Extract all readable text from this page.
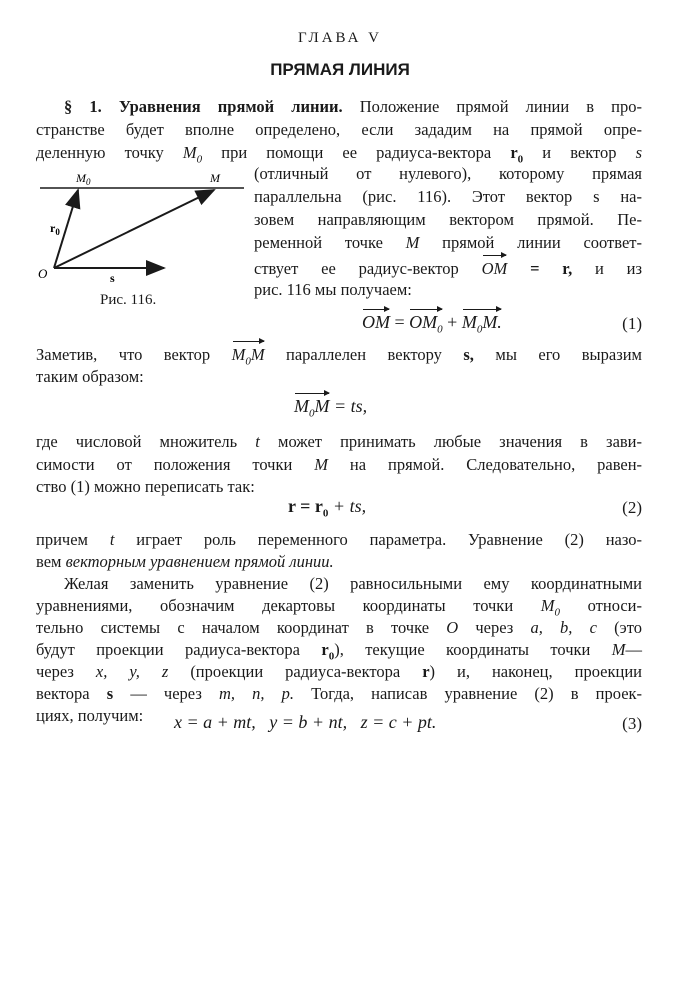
ГЛАВА V
ПРЯМАЯ ЛИНИЯ
§ 1. Уравнения прямой линии. Положение прямой линии в про-
странстве будет вполне определено, если зададим на прямой опре-
деленную точку $M_0$ при помощи ее радиуса-вектора $r_0$ и вектор s
$M_0$	M
$r_0$
O	s
Рис. 116.
(отличный от нулевого), которому прямая
параллельна (рис. 116). Этот вектор s на-
зовем направляющим вектором прямой. Пе-
ременной точке M прямой линии соответ-
ствует ее радиус-вектор OM = r, и из
рис. 116 мы получаем:
OM = $OM_0 + M_0M$.	(1)
Заметив, что вектор $M_0M$ параллелен вектору s, мы его выразим
таким образом:
$M_0M$ = ts,
где числовой множитель t может принимать любые значения в зави-
симости от положения точки M на прямой. Следовательно, равен-
ство (1) можно переписать так:
$r = r_0$ + ts,	(2)
причем t играет роль переменного параметра. Уравнение (2) назо-
вем векторным уравнением прямой линии.
Желая заменить уравнение (2) равносильными ему координатными
уравнениями, обозначим декартовы координаты точки $M_0$ относи-
тельно системы с началом координат в точке O через a, b, c (это
будут проекции радиуса-вектора $r_0$), текущие координаты точки M—
через x, y, z (проекции радиуса-вектора r) и, наконец, проекции
вектора s — через m, n, p. Тогда, написав уравнение (2) в проек-
циях, получим:	x = a + mt,   y = b + nt,   z = c + pt.	(3)
